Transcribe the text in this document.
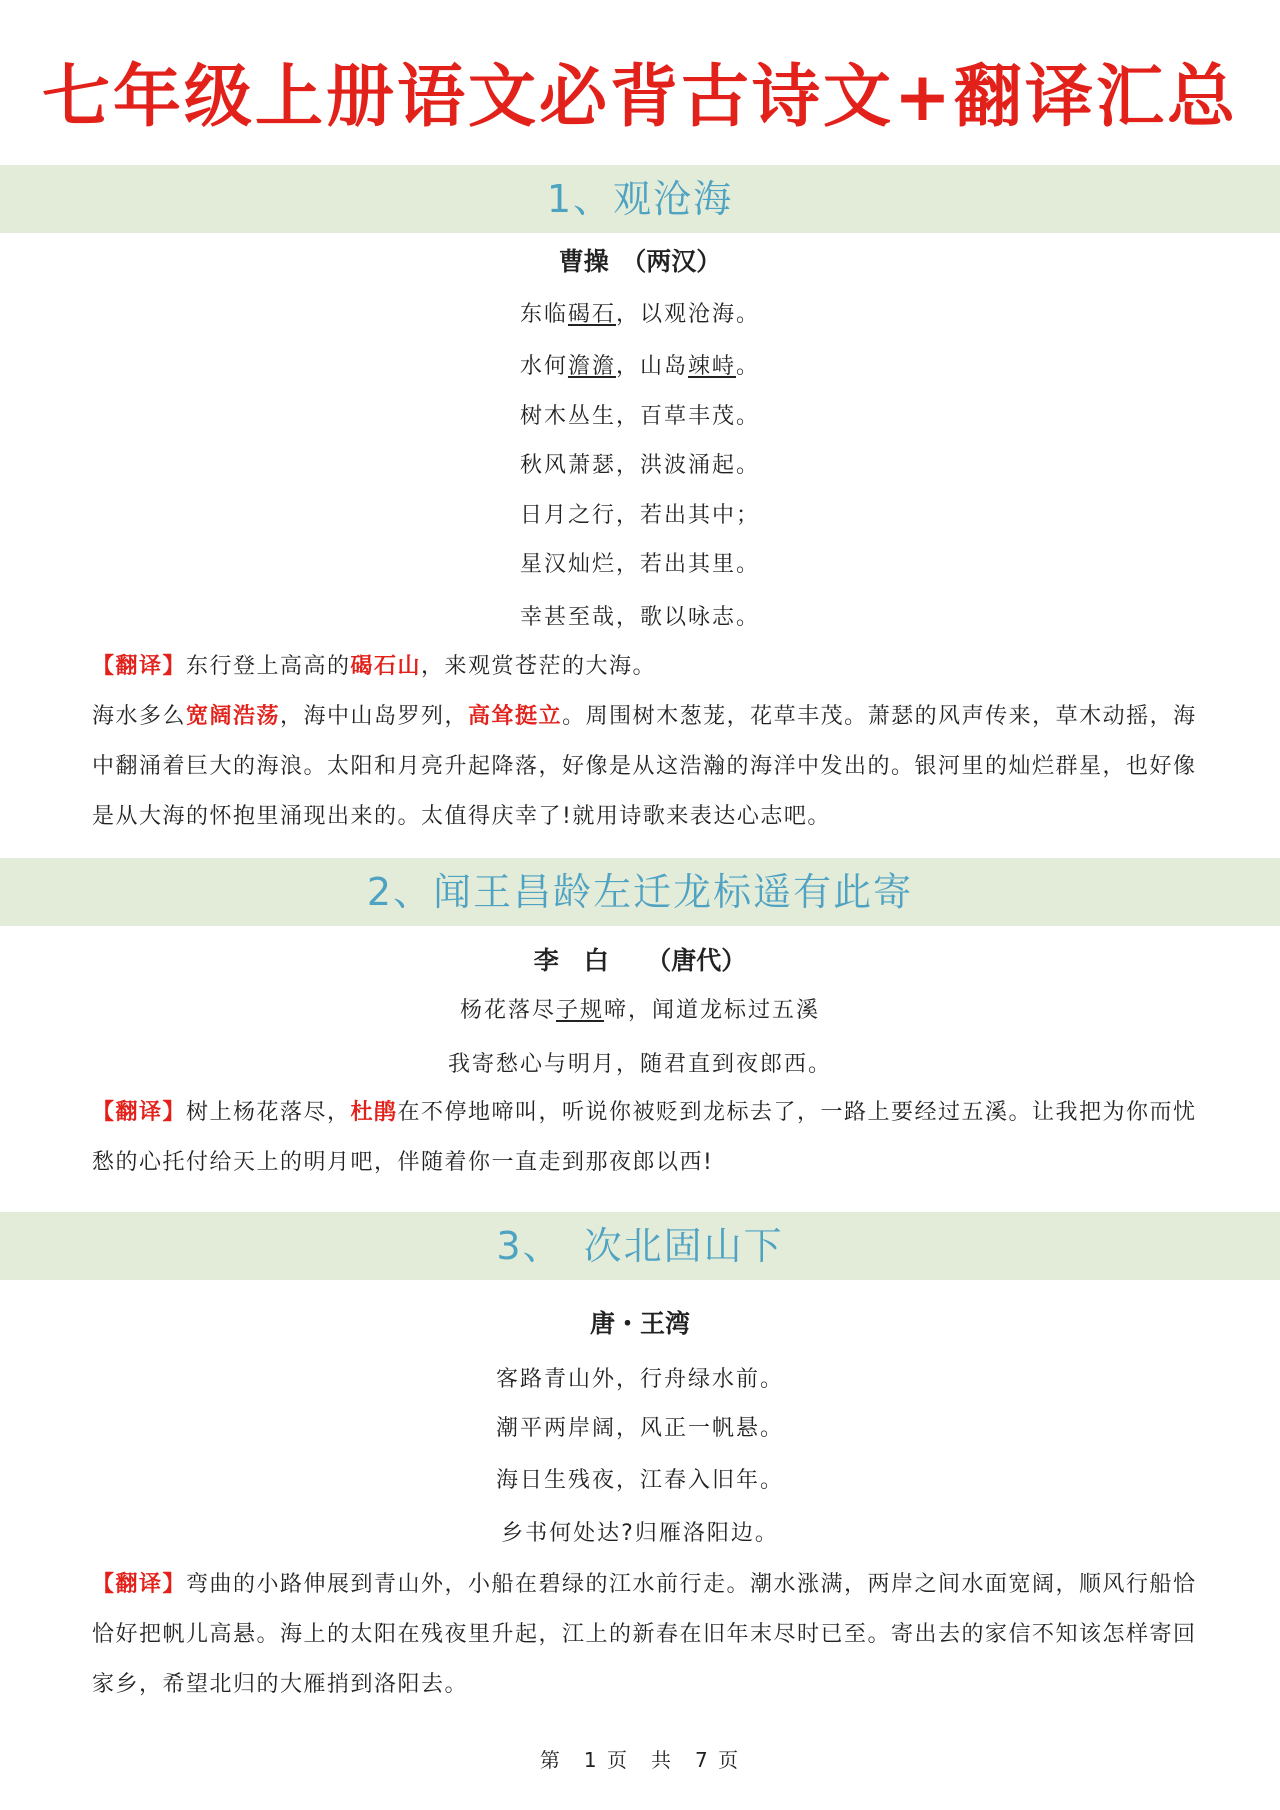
七年级上册语文必背古诗文+翻译汇总
1、观沧海
曹操　（两汉）
东临碣石，以观沧海。
水何澹澹，山岛竦峙。
树木丛生，百草丰茂。
秋风萧瑟，洪波涌起。
日月之行，若出其中；
星汉灿烂，若出其里。
幸甚至哉，歌以咏志。
【翻译】东行登上高高的碣石山，来观赏苍茫的大海。
海水多么宽阔浩荡，海中山岛罗列，高耸挺立。周围树木葱茏，花草丰茂。萧瑟的风声传来，草木动摇，海中翻涌着巨大的海浪。太阳和月亮升起降落，好像是从这浩瀚的海洋中发出的。银河里的灿烂群星，也好像是从大海的怀抱里涌现出来的。太值得庆幸了!就用诗歌来表达心志吧。
2、闻王昌龄左迁龙标遥有此寄
李　白　　（唐代）
杨花落尽子规啼，闻道龙标过五溪
我寄愁心与明月，随君直到夜郎西。
【翻译】树上杨花落尽，杜鹃在不停地啼叫，听说你被贬到龙标去了，一路上要经过五溪。让我把为你而忧愁的心托付给天上的明月吧，伴随着你一直走到那夜郎以西!
3、　次北固山下
唐・王湾
客路青山外，行舟绿水前。
潮平两岸阔，风正一帆悬。
海日生残夜，江春入旧年。
乡书何处达?归雁洛阳边。
【翻译】弯曲的小路伸展到青山外，小船在碧绿的江水前行走。潮水涨满，两岸之间水面宽阔，顺风行船恰恰好把帆儿高悬。海上的太阳在残夜里升起，江上的新春在旧年末尽时已至。寄出去的家信不知该怎样寄回家乡，希望北归的大雁捎到洛阳去。
第　1 页　共　7 页
